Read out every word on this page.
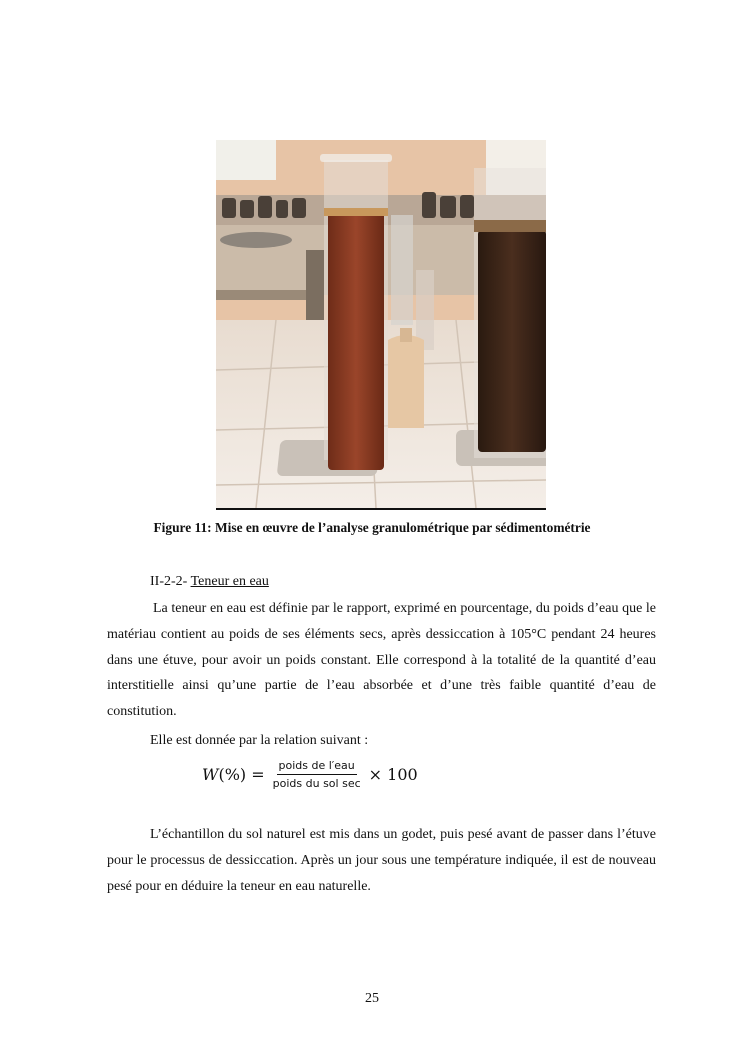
Figure 11: Mise en œuvre de l’analyse granulométrique par sédimentométrie
II-2-2- Teneur en eau
La teneur en eau est définie par le rapport, exprimé en pourcentage, du poids d’eau que le matériau contient au poids de ses éléments secs, après dessiccation à 105°C pendant 24 heures dans une étuve, pour avoir un poids constant. Elle correspond à la totalité de la quantité d’eau interstitielle ainsi qu’une partie de l’eau absorbée et d’une très faible quantité d’eau de constitution.
Elle est donnée par la relation suivant :
$W(\%) = \frac{\text{poids de l′eau}}{\text{poids du sol sec}} \times 100$
L’échantillon du sol naturel est mis dans un godet, puis pesé avant de passer dans l’étuve pour le processus de dessiccation. Après un jour sous une température indiquée, il est de nouveau pesé pour en déduire la teneur en eau naturelle.
25
